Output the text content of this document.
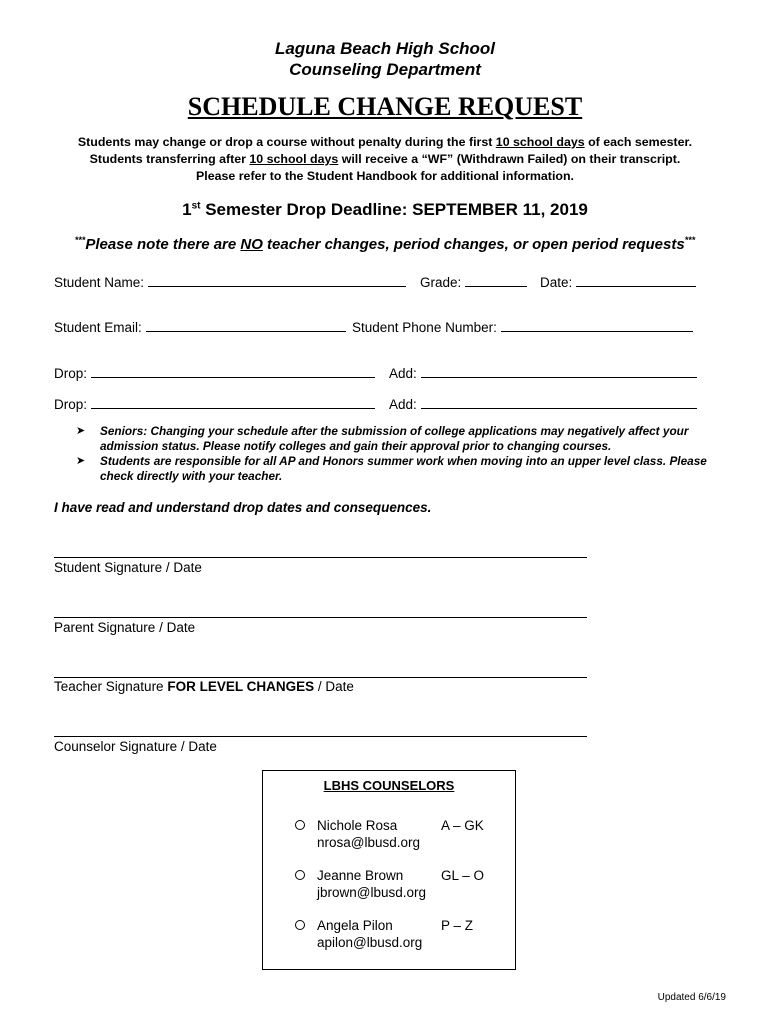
Laguna Beach High School
Counseling Department
SCHEDULE CHANGE REQUEST
Students may change or drop a course without penalty during the first 10 school days of each semester.
Students transferring after 10 school days will receive a “WF” (Withdrawn Failed) on their transcript.
Please refer to the Student Handbook for additional information.
1st Semester Drop Deadline: SEPTEMBER 11, 2019
***Please note there are NO teacher changes, period changes, or open period requests***
Student Name:	Grade:	Date:
Student Email:	Student Phone Number:
Drop:	Add:
Drop:	Add:
➤ Seniors: Changing your schedule after the submission of college applications may negatively affect your admission status. Please notify colleges and gain their approval prior to changing courses.
➤ Students are responsible for all AP and Honors summer work when moving into an upper level class. Please check directly with your teacher.
I have read and understand drop dates and consequences.
Student Signature / Date
Parent Signature / Date
Teacher Signature FOR LEVEL CHANGES / Date
Counselor Signature / Date
LBHS COUNSELORS
Nichole Rosa	A – GK
nrosa@lbusd.org
Jeanne Brown	GL – O
jbrown@lbusd.org
Angela Pilon	P – Z
apilon@lbusd.org
Updated 6/6/19
